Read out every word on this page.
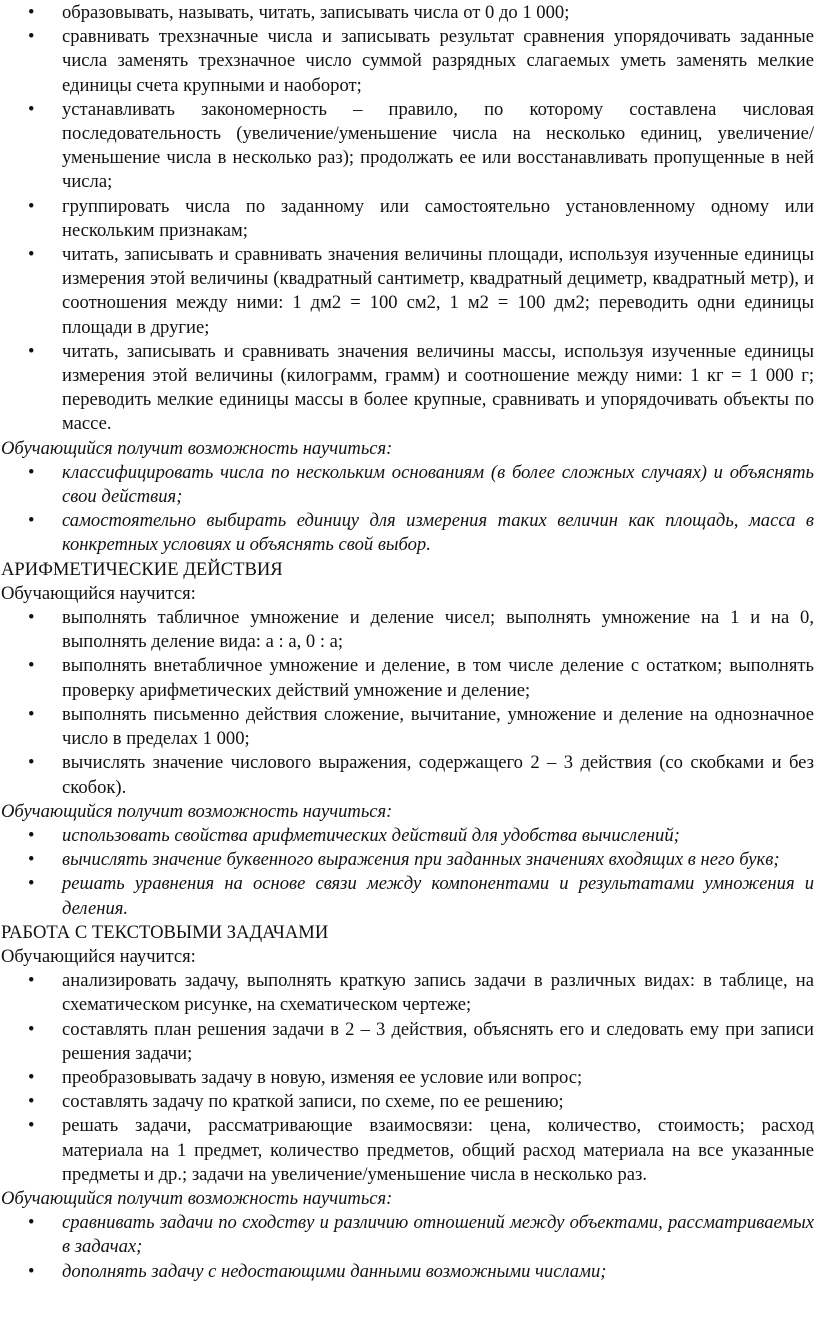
• образовывать, называть, читать, записывать числа от 0 до 1 000;
• сравнивать трехзначные числа и записывать результат сравнения упорядочивать заданные числа заменять трехзначное число суммой разрядных слагаемых уметь заменять мелкие единицы счета крупными и наоборот;
• устанавливать закономерность – правило, по которому составлена числовая последовательность (увеличение/уменьшение числа на несколько единиц, увеличение/уменьшение числа в несколько раз); продолжать ее или восстанавливать пропущенные в ней числа;
• группировать числа по заданному или самостоятельно установленному одному или нескольким признакам;
• читать, записывать и сравнивать значения величины площади, используя изученные единицы измерения этой величины (квадратный сантиметр, квадратный дециметр, квадратный метр), и соотношения между ними: 1 дм2 = 100 см2, 1 м2 = 100 дм2; переводить одни единицы площади в другие;
• читать, записывать и сравнивать значения величины массы, используя изученные единицы измерения этой величины (килограмм, грамм) и соотношение между ними: 1 кг = 1 000 г; переводить мелкие единицы массы в более крупные, сравнивать и упорядочивать объекты по массе.

Обучающийся получит возможность научиться:

• классифицировать числа по нескольким основаниям (в более сложных случаях) и объяснять свои действия;
• самостоятельно выбирать единицу для измерения таких величин как площадь, масса в конкретных условиях и объяснять свой выбор.

АРИФМЕТИЧЕСКИЕ ДЕЙСТВИЯ

Обучающийся научится:

• выполнять табличное умножение и деление чисел; выполнять умножение на 1 и на 0, выполнять деление вида: а : а, 0 : а;
• выполнять внетабличное умножение и деление, в том числе деление с остатком; выполнять проверку арифметических действий умножение и деление;
• выполнять письменно действия сложение, вычитание, умножение и деление на однозначное число в пределах 1 000;
• вычислять значение числового выражения, содержащего 2 – 3 действия (со скобками и без скобок).

Обучающийся получит возможность научиться:

• использовать свойства арифметических действий для удобства вычислений;
• вычислять значение буквенного выражения при заданных значениях входящих в него букв;
• решать уравнения на основе связи между компонентами и результатами умножения и деления.

РАБОТА С ТЕКСТОВЫМИ ЗАДАЧАМИ

Обучающийся научится:

• анализировать задачу, выполнять краткую запись задачи в различных видах: в таблице, на схематическом рисунке, на схематическом чертеже;
• составлять план решения задачи в 2 – 3 действия, объяснять его и следовать ему при записи решения задачи;
• преобразовывать задачу в новую, изменяя ее условие или вопрос;
• составлять задачу по краткой записи, по схеме, по ее решению;
• решать задачи, рассматривающие взаимосвязи: цена, количество, стоимость; расход материала на 1 предмет, количество предметов, общий расход материала на все указанные предметы и др.; задачи на увеличение/уменьшение числа в несколько раз.

Обучающийся получит возможность научиться:

• сравнивать задачи по сходству и различию отношений между объектами, рассматриваемых в задачах;
• дополнять задачу с недостающими данными возможными числами;
